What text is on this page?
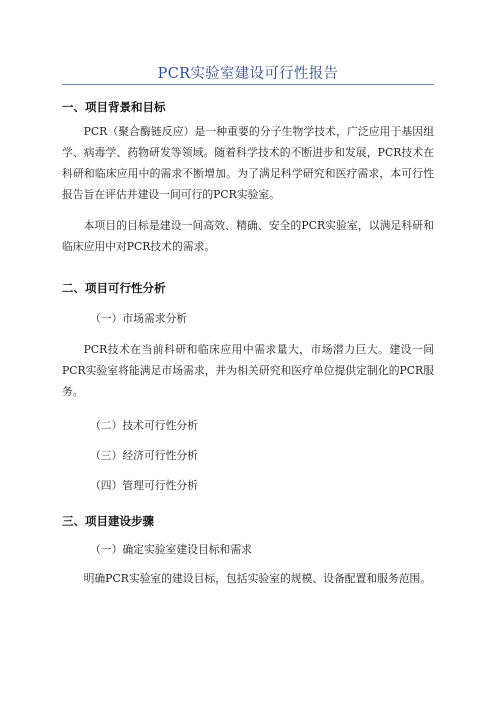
PCR实验室建设可行性报告
一、项目背景和目标

PCR（聚合酶链反应）是一种重要的分子生物学技术，广泛应用于基因组学、病毒学、药物研发等领域。随着科学技术的不断进步和发展，PCR技术在科研和临床应用中的需求不断增加。为了满足科学研究和医疗需求，本可行性报告旨在评估并建设一间可行的PCR实验室。

本项目的目标是建设一间高效、精确、安全的PCR实验室，以满足科研和临床应用中对PCR技术的需求。

二、项目可行性分析
（一）市场需求分析

PCR技术在当前科研和临床应用中需求量大，市场潜力巨大。建设一间PCR实验室将能满足市场需求，并为相关研究和医疗单位提供定制化的PCR服务。

（二）技术可行性分析
（三）经济可行性分析
（四）管理可行性分析
三、项目建设步骤
（一）确定实验室建设目标和需求

明确PCR实验室的建设目标，包括实验室的规模、设备配置和服务范围。
